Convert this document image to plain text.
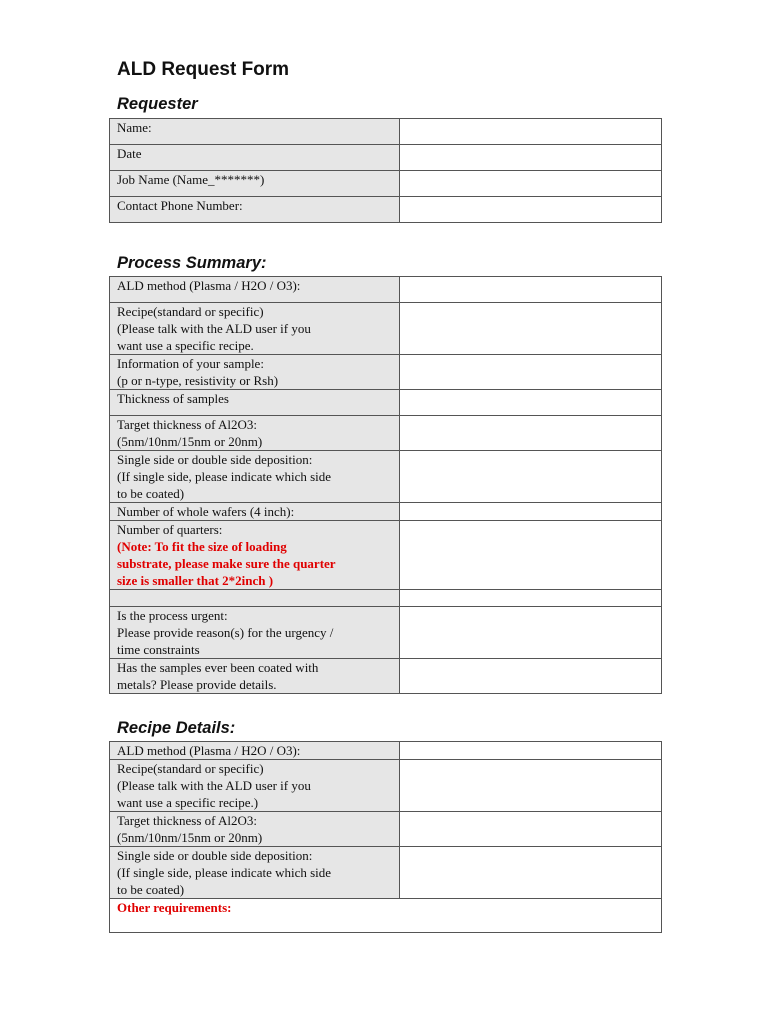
ALD Request Form
Requester
Name:	

Date	

Job Name (Name_*******)	

Contact Phone Number:	

Process Summary:
ALD method (Plasma / H2O / O3):	

Recipe(standard or specific)
(Please talk with the ALD user if you
want use a specific recipe.	

Information of your sample:
(p or n-type, resistivity or Rsh)	

Thickness of samples	

Target thickness of Al2O3:
(5nm/10nm/15nm or 20nm)	

Single side or double side deposition:
(If single side, please indicate which side
to be coated)	

Number of whole wafers (4 inch):	

Number of quarters:
(Note: To fit the size of loading
substrate, please make sure the quarter
size is smaller that 2*2inch )	

Is the process urgent:
Please provide reason(s) for the urgency /
time constraints	

Has the samples ever been coated with
metals? Please provide details.	

Recipe Details:
ALD method (Plasma / H2O / O3):	

Recipe(standard or specific)
(Please talk with the ALD user if you
want use a specific recipe.)	

Target thickness of Al2O3:
(5nm/10nm/15nm or 20nm)	

Single side or double side deposition:
(If single side, please indicate which side
to be coated)	

Other requirements:	
